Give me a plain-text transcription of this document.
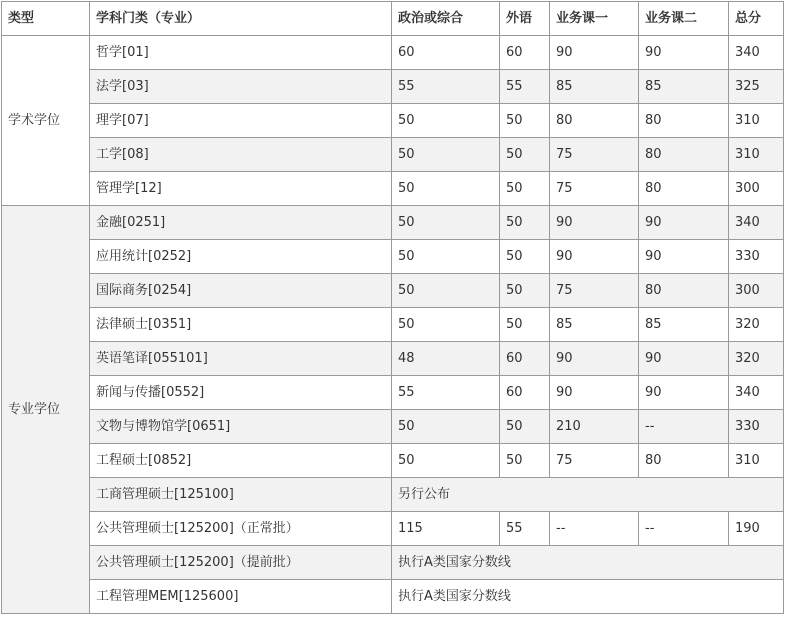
类型	学科门类（专业）	政治或综合	外语	业务课一	业务课二	总分
学术学位	哲学[01]	60	60	90	90	340
	法学[03]	55	55	85	85	325
	理学[07]	50	50	80	80	310
	工学[08]	50	50	75	80	310
	管理学[12]	50	50	75	80	300
专业学位	金融[0251]	50	50	90	90	340
	应用统计[0252]	50	50	90	90	330
	国际商务[0254]	50	50	75	80	300
	法律硕士[0351]	50	50	85	85	320
	英语笔译[055101]	48	60	90	90	320
	新闻与传播[0552]	55	60	90	90	340
	文物与博物馆学[0651]	50	50	210	--	330
	工程硕士[0852]	50	50	75	80	310
	工商管理硕士[125100]	另行公布				
	公共管理硕士[125200]（正常批）	115	55	--	--	190
	公共管理硕士[125200]（提前批）	执行A类国家分数线				
	工程管理MEM[125600]	执行A类国家分数线				
